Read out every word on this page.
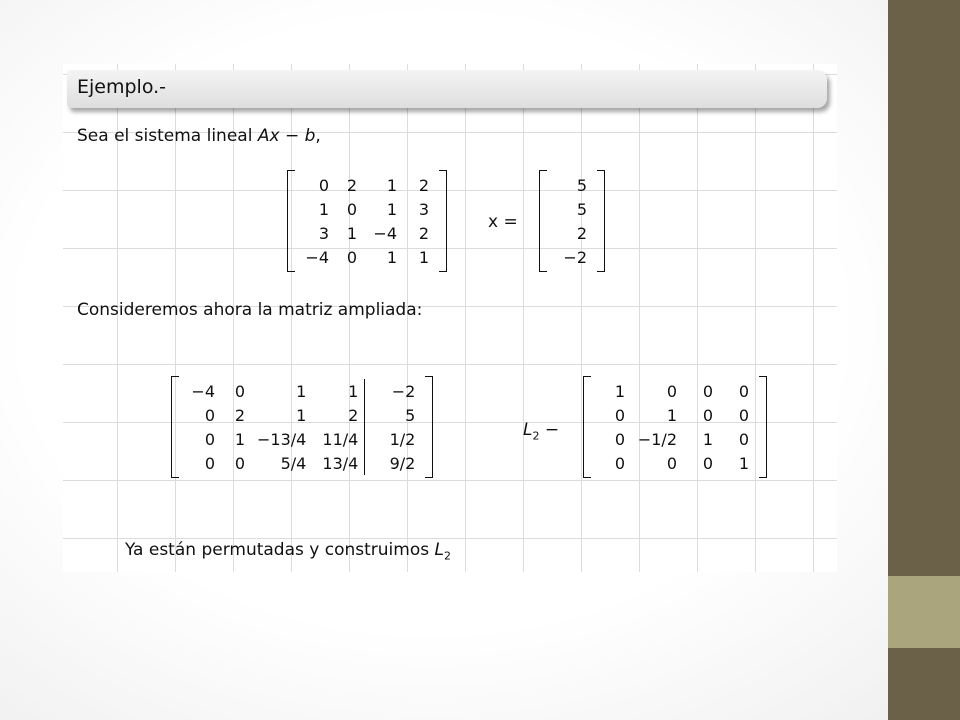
Ejemplo.-
Sea el sistema lineal Ax − b,
0	2	1	2
1	0	1	3
3	1	−4	2
−4	0	1	1
x =
5
5
2
−2
Consideremos ahora la matriz ampliada:
−4	0	1	1	−2
0	2	1	2	5
0	1	−13/4	11/4	1/2
0	0	5/4	13/4	9/2
$L_2$ −
1	0	0	0
0	1	0	0
0	−1/2	1	0
0	0	0	1
Ya están permutadas y construimos $L_2$
